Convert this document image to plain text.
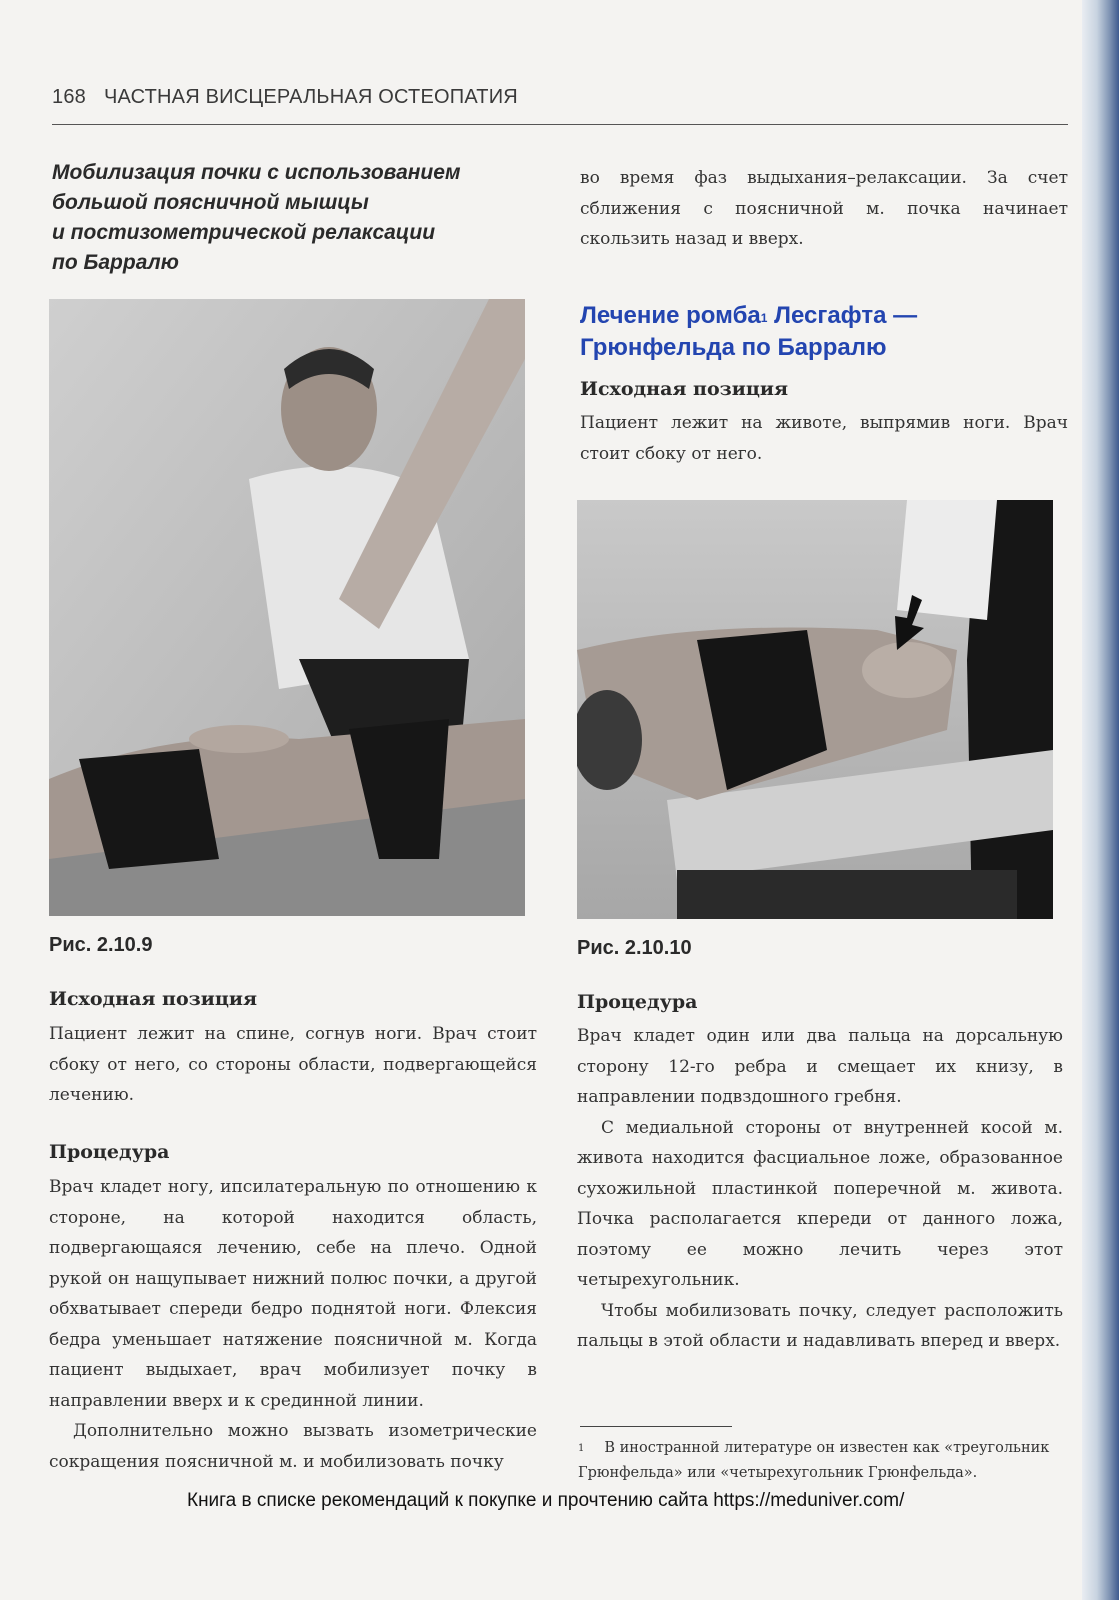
168 ЧАСТНАЯ ВИСЦЕРАЛЬНАЯ ОСТЕОПАТИЯ
Мобилизация почки с использованием
большой поясничной мышцы
и постизометрической релаксации
по Барралю
Рис. 2.10.9
Исходная позиция

Пациент лежит на спине, согнув ноги. Врач стоит сбоку от него, со стороны области, подвергающейся лечению.

Процедура

Врач кладет ногу, ипсилатеральную по отношению к стороне, на которой находится область, подвергающаяся лечению, себе на плечо. Одной рукой он нащупывает нижний полюс почки, а другой обхватывает спереди бедро поднятой ноги. Флексия бедра уменьшает натяжение поясничной м. Когда пациент выдыхает, врач мобилизует почку в направлении вверх и к срединной линии.

Дополнительно можно вызвать изометрические сокращения поясничной м. и мобилизовать почку

во время фаз выдыхания–релаксации. За счет сближения с поясничной м. почка начинает скользить назад и вверх.

Лечение ромба$^1$ Лесгафта — Грюнфельда по Барралю
Исходная позиция

Пациент лежит на животе, выпрямив ноги. Врач стоит сбоку от него.

Рис. 2.10.10
Процедура

Врач кладет один или два пальца на дорсальную сторону 12-го ребра и смещает их книзу, в направлении подвздошного гребня.

С медиальной стороны от внутренней косой м. живота находится фасциальное ложе, образованное сухожильной пластинкой поперечной м. живота. Почка располагается кпереди от данного ложа, поэтому ее можно лечить через этот четырехугольник.

Чтобы мобилизовать почку, следует расположить пальцы в этой области и надавливать вперед и вверх.

$^1$ В иностранной литературе он известен как «треугольник Грюнфельда» или «четырехугольник Грюнфельда».
Книга в списке рекомендаций к покупке и прочтению сайта https://meduniver.com/
